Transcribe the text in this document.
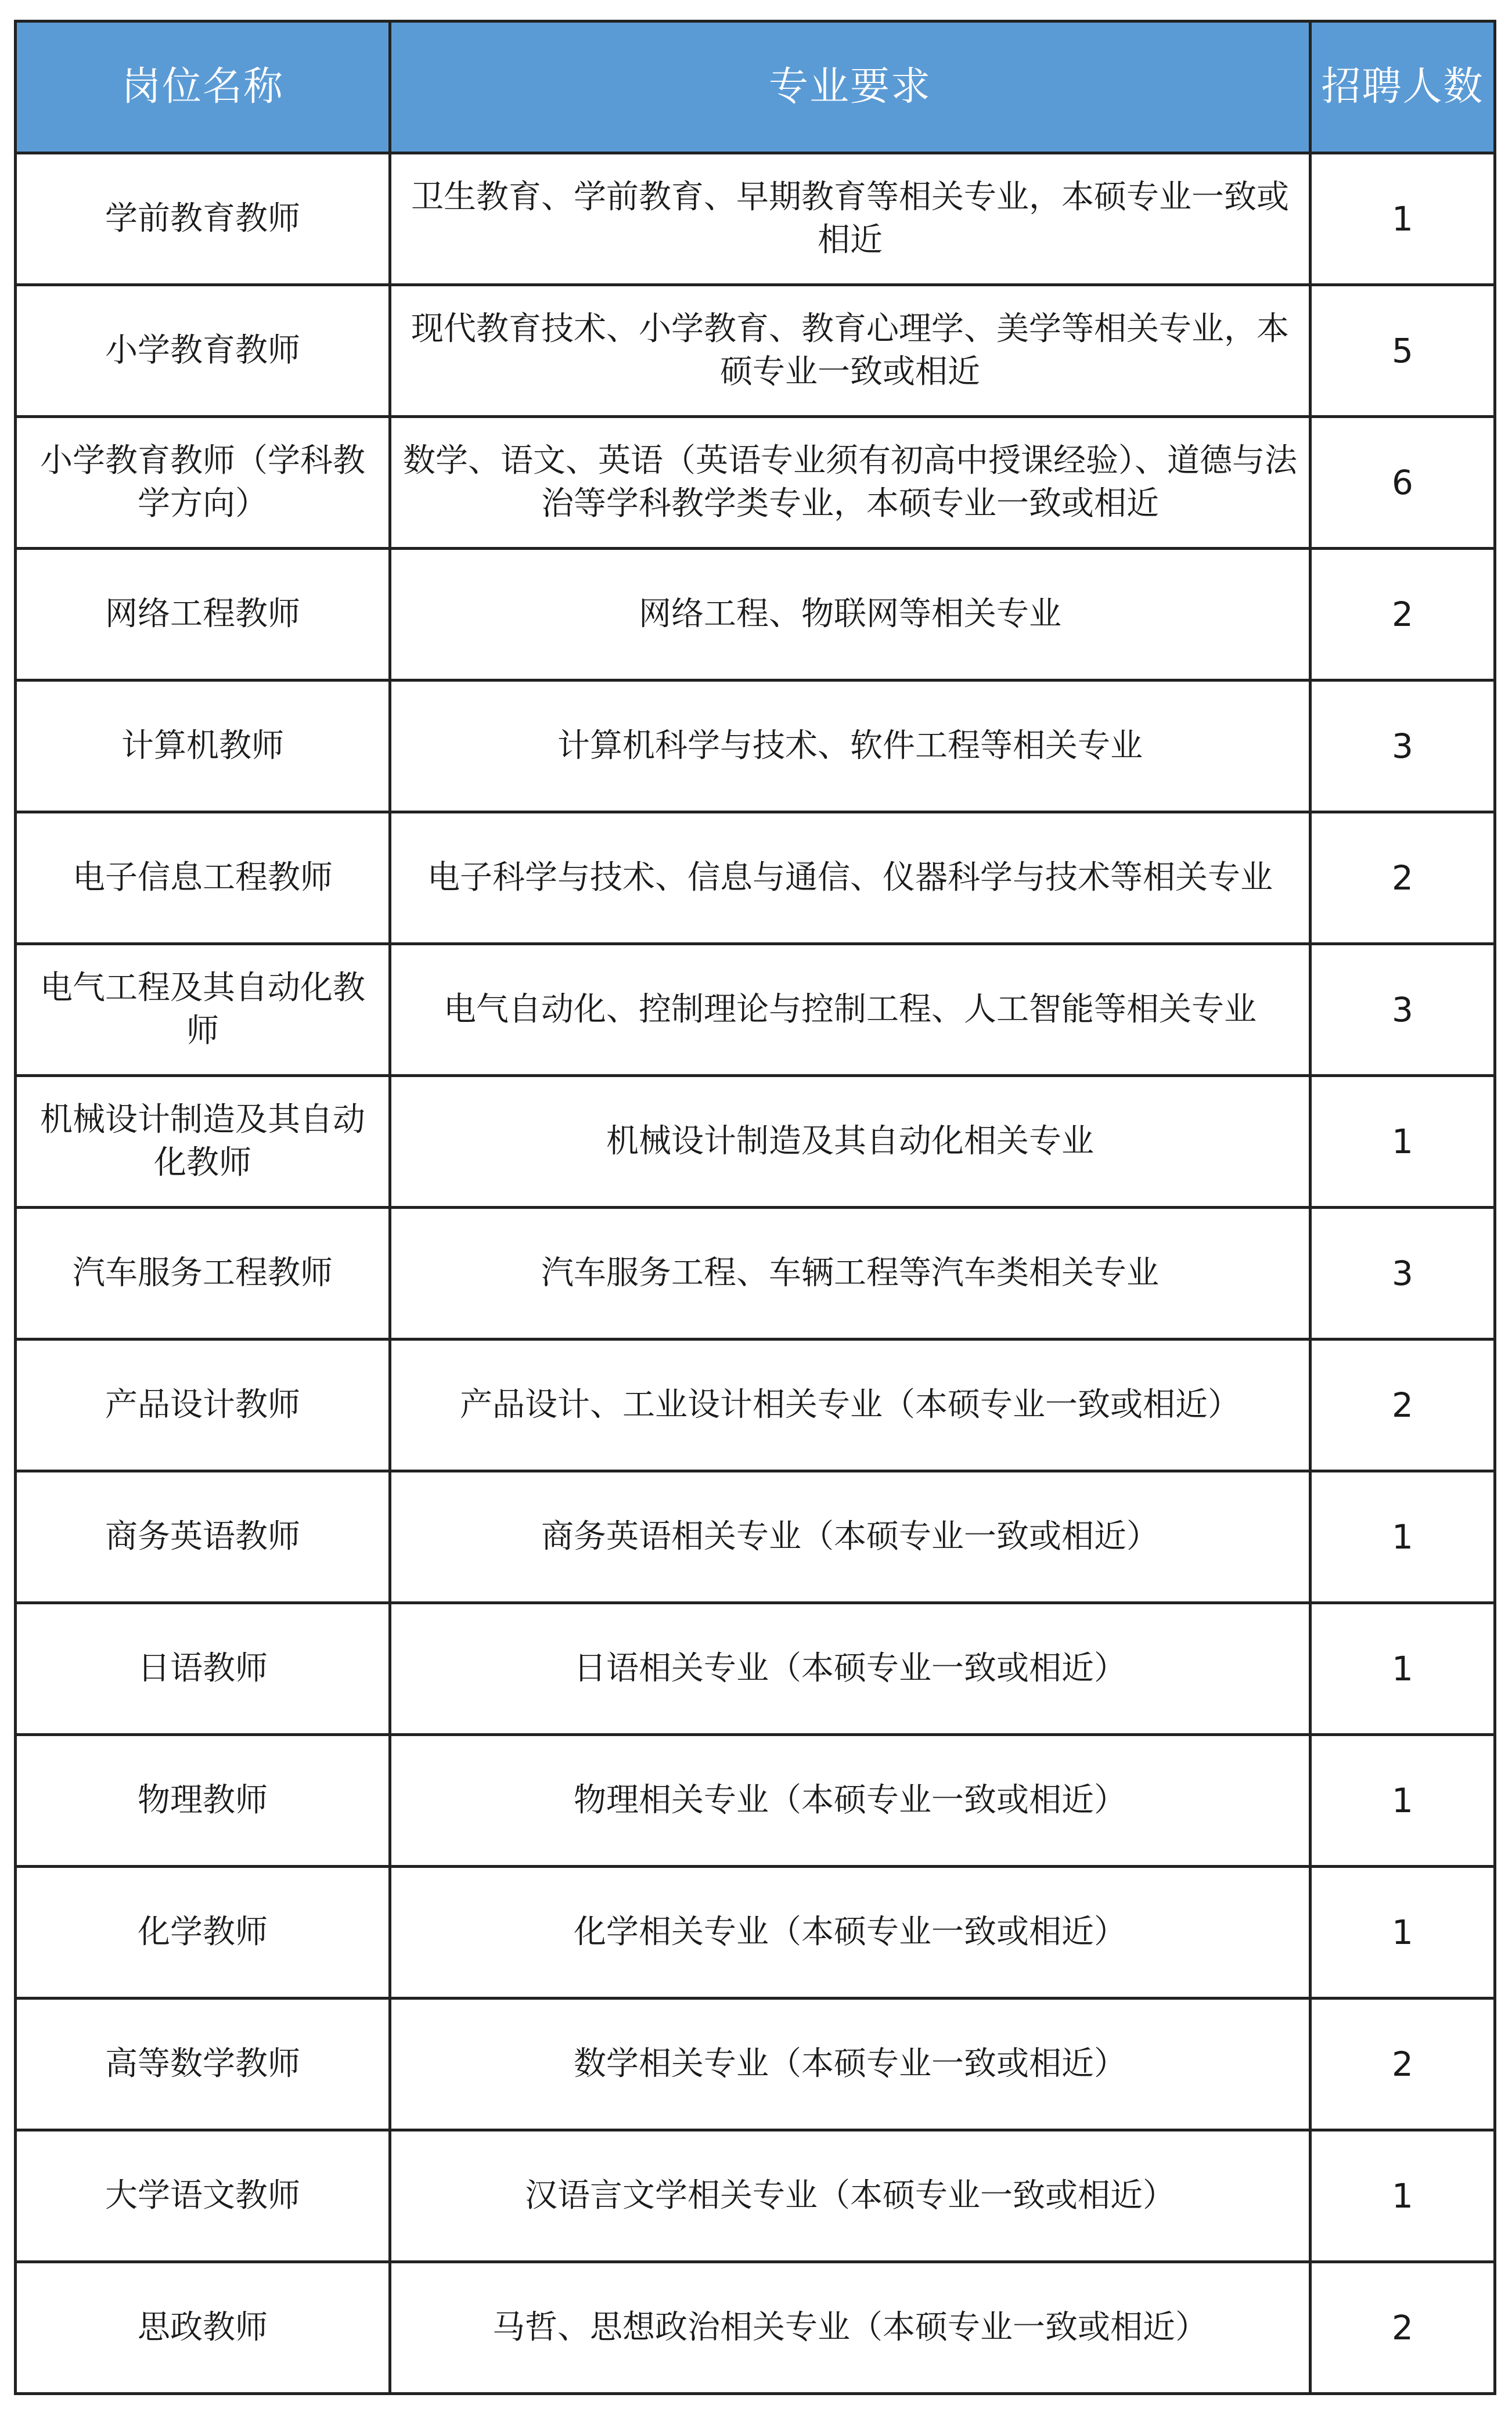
岗位名称	专业要求	招聘人数
学前教育教师	卫生教育、学前教育、早期教育等相关专业，本硕专业一致或相近	1
小学教育教师	现代教育技术、小学教育、教育心理学、美学等相关专业，本硕专业一致或相近	5
小学教育教师（学科教学方向）	数学、语文、英语（英语专业须有初高中授课经验）、道德与法治等学科教学类专业，本硕专业一致或相近	6
网络工程教师	网络工程、物联网等相关专业	2
计算机教师	计算机科学与技术、软件工程等相关专业	3
电子信息工程教师	电子科学与技术、信息与通信、仪器科学与技术等相关专业	2
电气工程及其自动化教师	电气自动化、控制理论与控制工程、人工智能等相关专业	3
机械设计制造及其自动化教师	机械设计制造及其自动化相关专业	1
汽车服务工程教师	汽车服务工程、车辆工程等汽车类相关专业	3
产品设计教师	产品设计、工业设计相关专业（本硕专业一致或相近）	2
商务英语教师	商务英语相关专业（本硕专业一致或相近）	1
日语教师	日语相关专业（本硕专业一致或相近）	1
物理教师	物理相关专业（本硕专业一致或相近）	1
化学教师	化学相关专业（本硕专业一致或相近）	1
高等数学教师	数学相关专业（本硕专业一致或相近）	2
大学语文教师	汉语言文学相关专业（本硕专业一致或相近）	1
思政教师	马哲、思想政治相关专业（本硕专业一致或相近）	2
